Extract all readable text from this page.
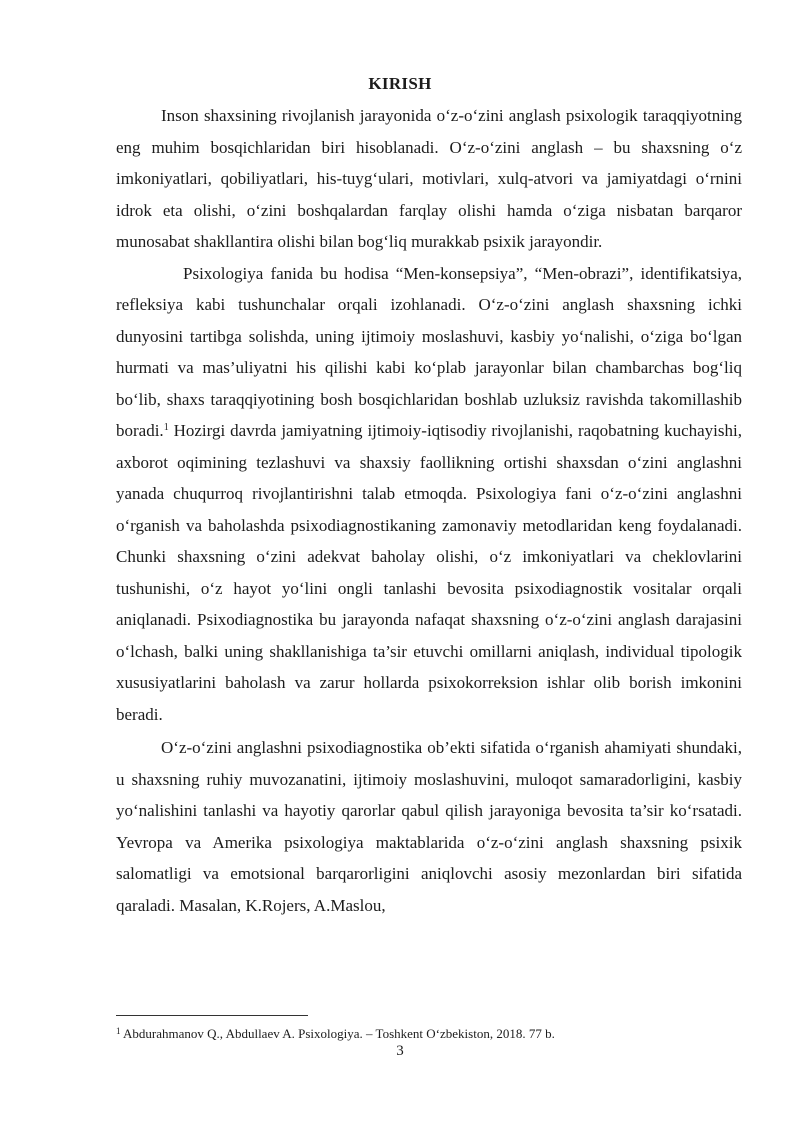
KIRISH

Inson shaxsining rivojlanish jarayonida o‘z-o‘zini anglash psixologik taraqqiyotning eng muhim bosqichlaridan biri hisoblanadi. O‘z-o‘zini anglash – bu shaxsning o‘z imkoniyatlari, qobiliyatlari, his-tuyg‘ulari, motivlari, xulq-atvori va jamiyatdagi o‘rnini idrok eta olishi, o‘zini boshqalardan farqlay olishi hamda o‘ziga nisbatan barqaror munosabat shakllantira olishi bilan bog‘liq murakkab psixik jarayondir.

Psixologiya fanida bu hodisa “Men-konsepsiya”, “Men-obrazi”, identifikatsiya, refleksiya kabi tushunchalar orqali izohlanadi. O‘z-o‘zini anglash shaxsning ichki dunyosini tartibga solishda, uning ijtimoiy moslashuvi, kasbiy yo‘nalishi, o‘ziga bo‘lgan hurmati va mas’uliyatni his qilishi kabi ko‘plab jarayonlar bilan chambarchas bog‘liq bo‘lib, shaxs taraqqiyotining bosh bosqichlaridan boshlab uzluksiz ravishda takomillashib boradi.$^1$ Hozirgi davrda jamiyatning ijtimoiy-iqtisodiy rivojlanishi, raqobatning kuchayishi, axborot oqimining tezlashuvi va shaxsiy faollikning ortishi shaxsdan o‘zini anglashni yanada chuqurroq rivojlantirishni talab etmoqda. Psixologiya fani o‘z-o‘zini anglashni o‘rganish va baholashda psixodiagnostikaning zamonaviy metodlaridan keng foydalanadi. Chunki shaxsning o‘zini adekvat baholay olishi, o‘z imkoniyatlari va cheklovlarini tushunishi, o‘z hayot yo‘lini ongli tanlashi bevosita psixodiagnostik vositalar orqali aniqlanadi. Psixodiagnostika bu jarayonda nafaqat shaxsning o‘z-o‘zini anglash darajasini o‘lchash, balki uning shakllanishiga ta’sir etuvchi omillarni aniqlash, individual tipologik xususiyatlarini baholash va zarur hollarda psixokorreksion ishlar olib borish imkonini beradi.

O‘z-o‘zini anglashni psixodiagnostika ob’ekti sifatida o‘rganish ahamiyati shundaki, u shaxsning ruhiy muvozanatini, ijtimoiy moslashuvini, muloqot samaradorligini, kasbiy yo‘nalishini tanlashi va hayotiy qarorlar qabul qilish jarayoniga bevosita ta’sir ko‘rsatadi. Yevropa va Amerika psixologiya maktablarida o‘z-o‘zini anglash shaxsning psixik salomatligi va emotsional barqarorligini aniqlovchi asosiy mezonlardan biri sifatida qaraladi. Masalan, K.Rojers, A.Maslou,

$^1$ Abdurahmanov Q., Abdullaev A. Psixologiya. – Toshkent O‘zbekiston, 2018. 77 b.
3
